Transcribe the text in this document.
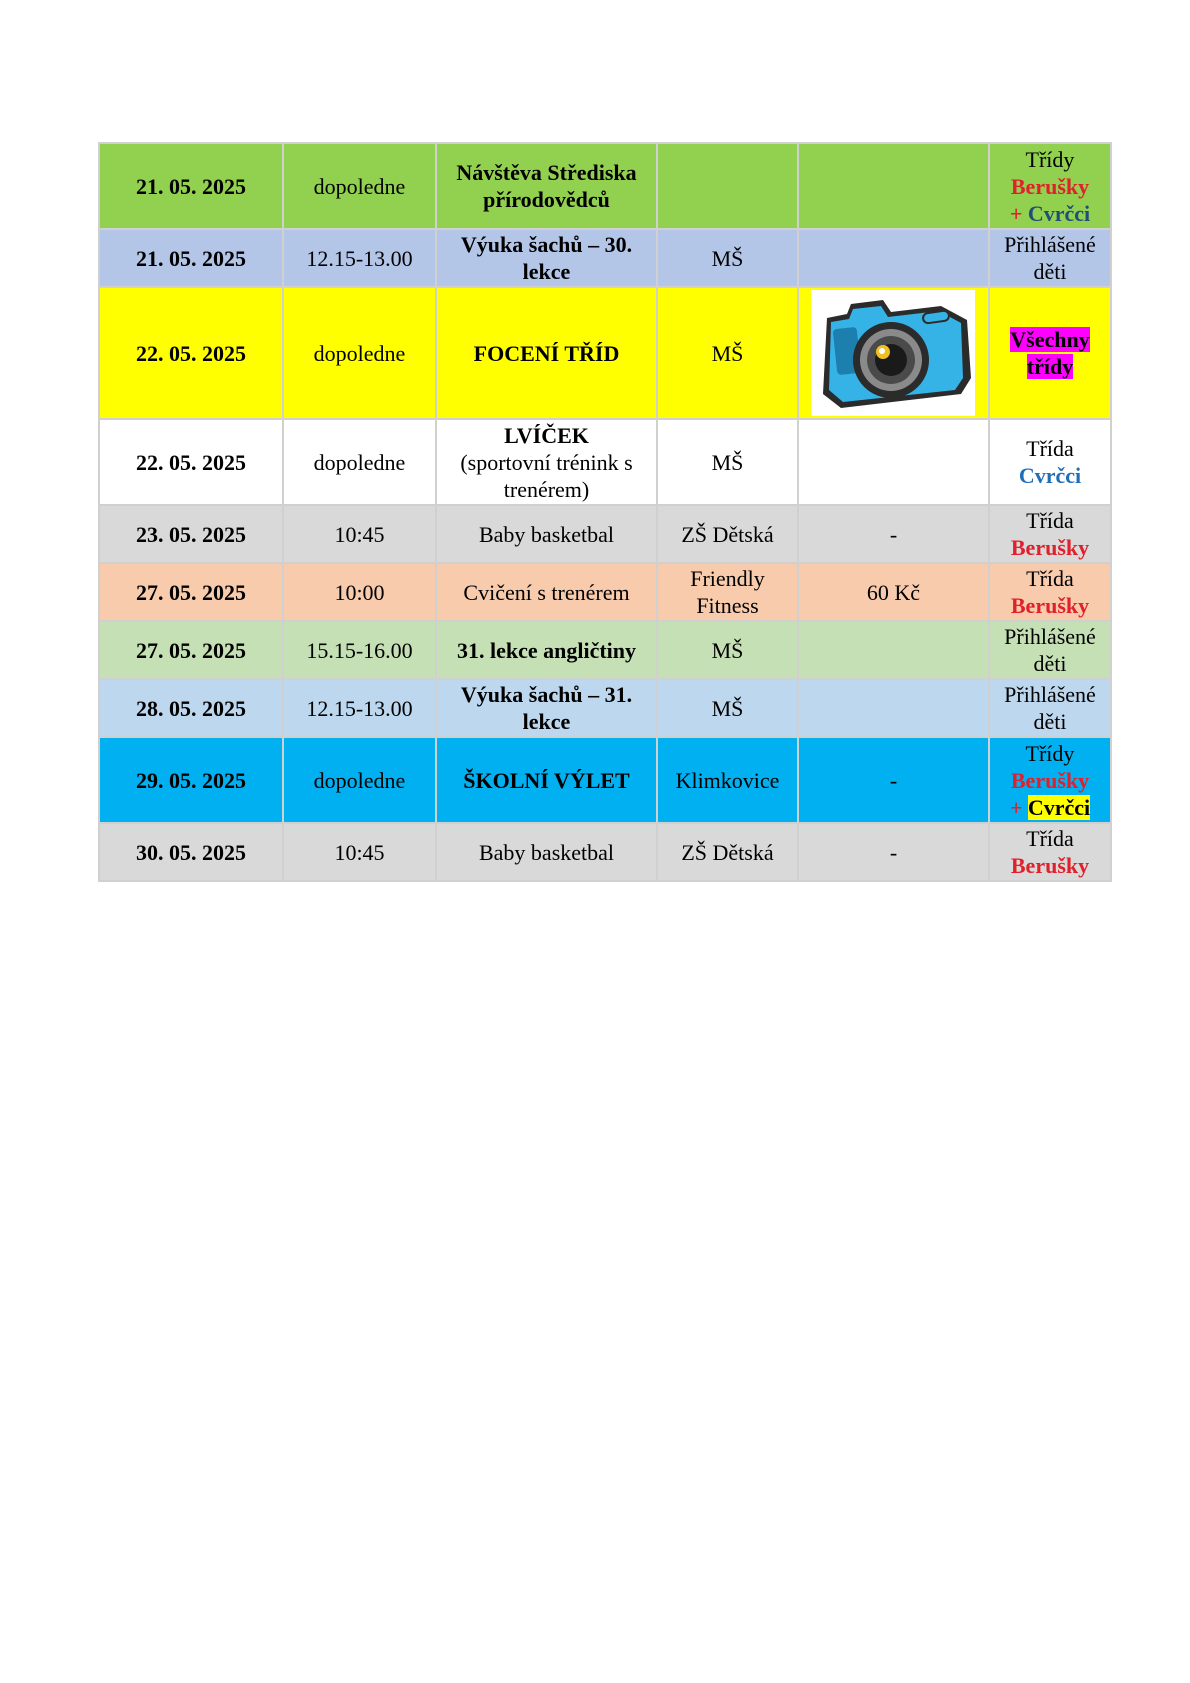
21. 05. 2025	dopoledne	Návštěva Střediska přírodovědců			Třídy
Berušky
+ Cvrčci
21. 05. 2025	12.15-13.00	Výuka šachů – 30. lekce	MŠ		Přihlášené děti
22. 05. 2025	dopoledne	FOCENÍ TŘÍD	MŠ		Všechny třídy
22. 05. 2025	dopoledne	LVÍČEK
(sportovní trénink s trenérem)	MŠ		Třída
Cvrčci
23. 05. 2025	10:45	Baby basketbal	ZŠ Dětská	-	Třída
Berušky
27. 05. 2025	10:00	Cvičení s trenérem	Friendly Fitness	60 Kč	Třída
Berušky
27. 05. 2025	15.15-16.00	31. lekce angličtiny	MŠ		Přihlášené děti
28. 05. 2025	12.15-13.00	Výuka šachů – 31. lekce	MŠ		Přihlášené děti
29. 05. 2025	dopoledne	ŠKOLNÍ VÝLET	Klimkovice	-	Třídy
Berušky
+ Cvrčci
30. 05. 2025	10:45	Baby basketbal	ZŠ Dětská	-	Třída
Berušky
